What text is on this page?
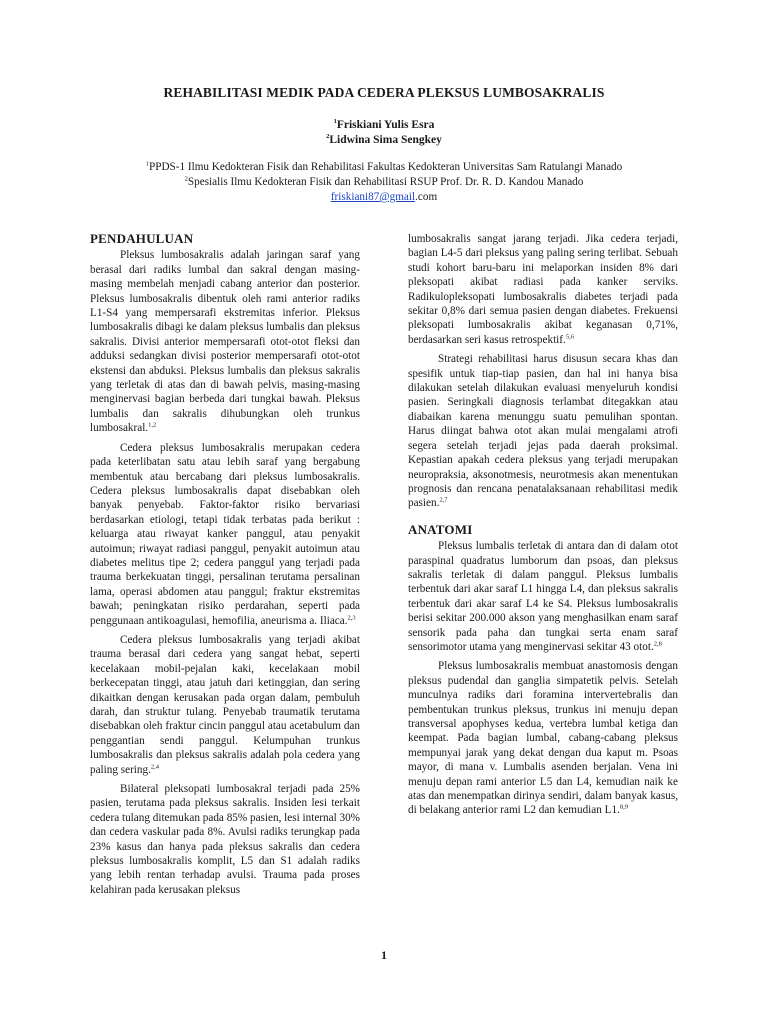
REHABILITASI MEDIK PADA CEDERA PLEKSUS LUMBOSAKRALIS
$^1$Friskiani Yulis Esra
$^2$Lidwina Sima Sengkey
$^1$PPDS-1 Ilmu Kedokteran Fisik dan Rehabilitasi Fakultas Kedokteran Universitas Sam Ratulangi Manado
$^2$Spesialis Ilmu Kedokteran Fisik dan Rehabilitasi RSUP Prof. Dr. R. D. Kandou Manado
friskiani87@gmail.com
PENDAHULUAN

Pleksus lumbosakralis adalah jaringan saraf yang berasal dari radiks lumbal dan sakral dengan masing-masing membelah menjadi cabang anterior dan posterior. Pleksus lumbosakralis dibentuk oleh rami anterior radiks L1-S4 yang mempersarafi ekstremitas inferior. Pleksus lumbosakralis dibagi ke dalam pleksus lumbalis dan pleksus sakralis. Divisi anterior mempersarafi otot-otot fleksi dan adduksi sedangkan divisi posterior mempersarafi otot-otot ekstensi dan abduksi. Pleksus lumbalis dan pleksus sakralis yang terletak di atas dan di bawah pelvis, masing-masing menginervasi bagian berbeda dari tungkai bawah. Pleksus lumbalis dan sakralis dihubungkan oleh trunkus lumbosakral.$^{1,2}$

Cedera pleksus lumbosakralis merupakan cedera pada keterlibatan satu atau lebih saraf yang bergabung membentuk atau bercabang dari pleksus lumbosakralis. Cedera pleksus lumbosakralis dapat disebabkan oleh banyak penyebab. Faktor-faktor risiko bervariasi berdasarkan etiologi, tetapi tidak terbatas pada berikut : keluarga atau riwayat kanker panggul, atau penyakit autoimun; riwayat radiasi panggul, penyakit autoimun atau diabetes melitus tipe 2; cedera panggul yang terjadi pada trauma berkekuatan tinggi, persalinan terutama persalinan lama, operasi abdomen atau panggul; fraktur ekstremitas bawah; peningkatan risiko perdarahan, seperti pada penggunaan antikoagulasi, hemofilia, aneurisma a. Iliaca.$^{2,3}$

Cedera pleksus lumbosakralis yang terjadi akibat trauma berasal dari cedera yang sangat hebat, seperti kecelakaan mobil-pejalan kaki, kecelakaan mobil berkecepatan tinggi, atau jatuh dari ketinggian, dan sering dikaitkan dengan kerusakan pada organ dalam, pembuluh darah, dan struktur tulang. Penyebab traumatik terutama disebabkan oleh fraktur cincin panggul atau acetabulum dan penggantian sendi panggul. Kelumpuhan trunkus lumbosakralis dan pleksus sakralis adalah pola cedera yang paling sering.$^{2,4}$

Bilateral pleksopati lumbosakral terjadi pada 25% pasien, terutama pada pleksus sakralis. Insiden lesi terkait cedera tulang ditemukan pada 85% pasien, lesi internal 30% dan cedera vaskular pada 8%. Avulsi radiks terungkap pada 23% kasus dan hanya pada pleksus sakralis dan cedera pleksus lumbosakralis komplit, L5 dan S1 adalah radiks yang lebih rentan terhadap avulsi. Trauma pada proses kelahiran pada kerusakan pleksus

lumbosakralis sangat jarang terjadi. Jika cedera terjadi, bagian L4-5 dari pleksus yang paling sering terlibat. Sebuah studi kohort baru-baru ini melaporkan insiden 8% dari pleksopati akibat radiasi pada kanker serviks. Radikulopleksopati lumbosakralis diabetes terjadi pada sekitar 0,8% dari semua pasien dengan diabetes. Frekuensi pleksopati lumbosakralis akibat keganasan 0,71%, berdasarkan seri kasus retrospektif.$^{5,6}$

Strategi rehabilitasi harus disusun secara khas dan spesifik untuk tiap-tiap pasien, dan hal ini hanya bisa dilakukan setelah dilakukan evaluasi menyeluruh kondisi pasien. Seringkali diagnosis terlambat ditegakkan atau diabaikan karena menunggu suatu pemulihan spontan. Harus diingat bahwa otot akan mulai mengalami atrofi segera setelah terjadi jejas pada daerah proksimal. Kepastian apakah cedera pleksus yang terjadi merupakan neuropraksia, aksonotmesis, neurotmesis akan menentukan prognosis dan rencana penatalaksanaan rehabilitasi medik pasien.$^{2,7}$

ANATOMI

Pleksus lumbalis terletak di antara dan di dalam otot paraspinal quadratus lumborum dan psoas, dan pleksus sakralis terletak di dalam panggul. Pleksus lumbalis terbentuk dari akar saraf L1 hingga L4, dan pleksus sakralis terbentuk dari akar saraf L4 ke S4. Pleksus lumbosakralis berisi sekitar 200.000 akson yang menghasilkan enam saraf sensorik pada paha dan tungkai serta enam saraf sensorimotor utama yang menginervasi sekitar 43 otot.$^{2,8}$

Pleksus lumbosakralis membuat anastomosis dengan pleksus pudendal dan ganglia simpatetik pelvis. Setelah munculnya radiks dari foramina intervertebralis dan pembentukan trunkus pleksus, trunkus ini menuju depan transversal apophyses kedua, vertebra lumbal ketiga dan keempat. Pada bagian lumbal, cabang-cabang pleksus mempunyai jarak yang dekat dengan dua kaput m. Psoas mayor, di mana v. Lumbalis asenden berjalan. Vena ini menuju depan rami anterior L5 dan L4, kemudian naik ke atas dan menempatkan dirinya sendiri, dalam banyak kasus, di belakang anterior rami L2 dan kemudian L1.$^{8,9}$

1
